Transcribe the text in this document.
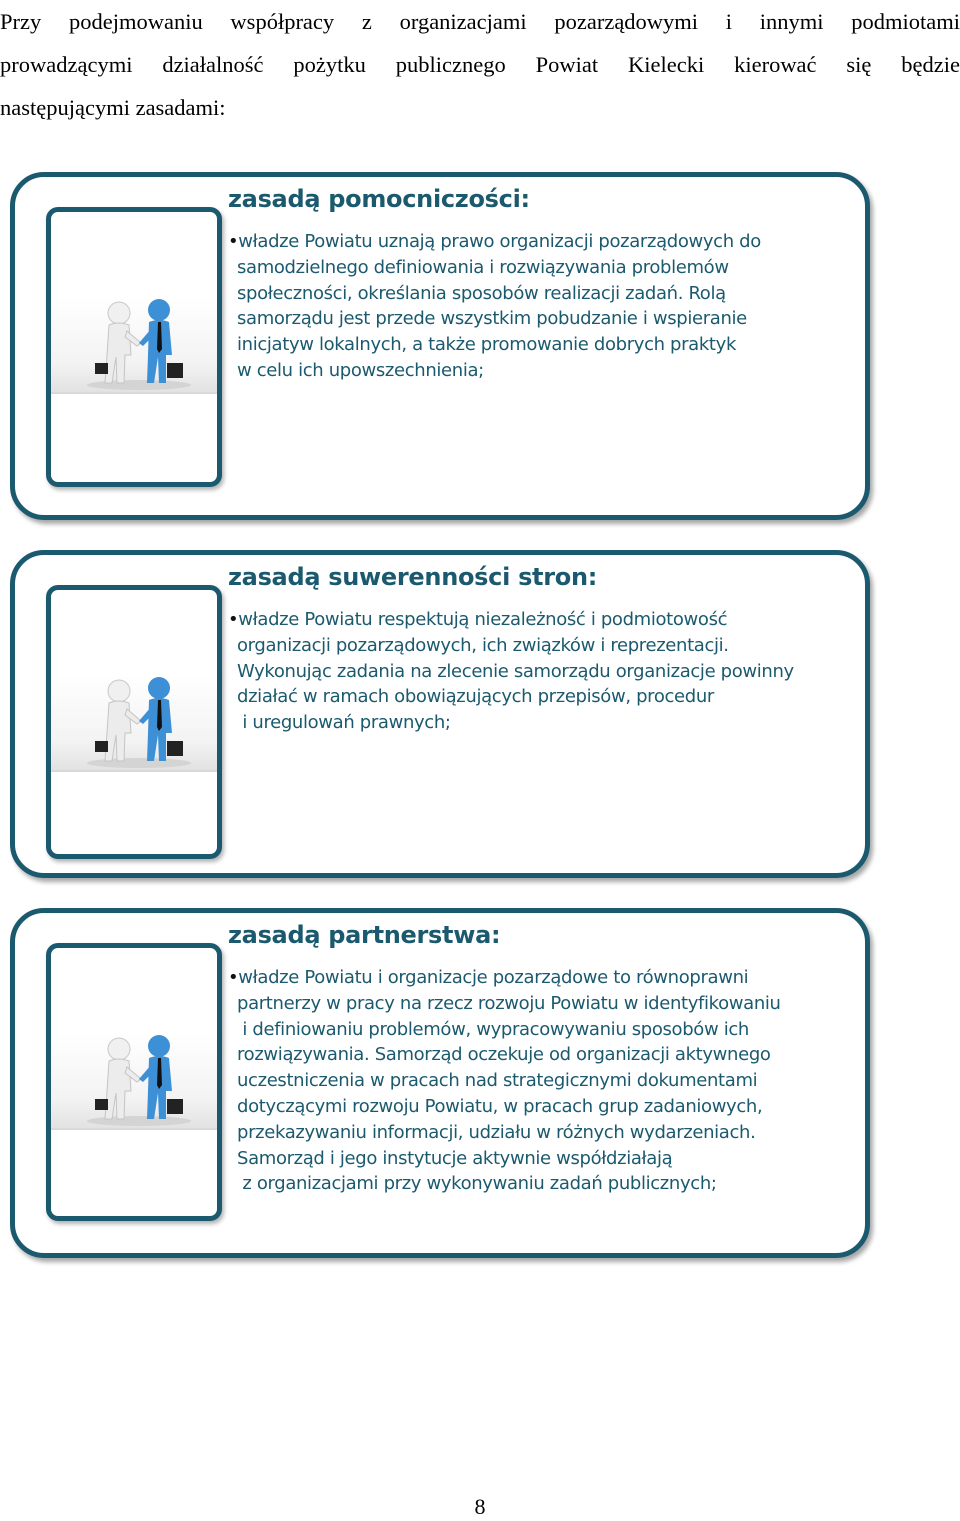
Przy podejmowaniu współpracy z organizacjami pozarządowymi i innymi podmiotami
prowadzącymi działalność pożytku publicznego Powiat Kielecki kierować się będzie
następującymi zasadami:

zasadą pomocniczości:

•władze Powiatu uznają prawo organizacji pozarządowych do
samodzielnego definiowania i rozwiązywania problemów
społeczności, określania sposobów realizacji zadań. Rolą
samorządu jest przede wszystkim pobudzanie i wspieranie
inicjatyw lokalnych, a także promowanie dobrych praktyk
w celu ich upowszechnienia;

zasadą suwerenności stron:

•władze Powiatu respektują niezależność i podmiotowość
organizacji pozarządowych, ich związków i reprezentacji.
Wykonując zadania na zlecenie samorządu organizacje powinny
działać w ramach obowiązujących przepisów, procedur
i uregulowań prawnych;

zasadą partnerstwa:

•władze Powiatu i organizacje pozarządowe to równoprawni
partnerzy w pracy na rzecz rozwoju Powiatu w identyfikowaniu
i definiowaniu problemów, wypracowywaniu sposobów ich
rozwiązywania. Samorząd oczekuje od organizacji aktywnego
uczestniczenia w pracach nad strategicznymi dokumentami
dotyczącymi rozwoju Powiatu, w pracach grup zadaniowych,
przekazywaniu informacji, udziału w różnych wydarzeniach.
Samorząd i jego instytucje aktywnie współdziałają
z organizacjami przy wykonywaniu zadań publicznych;

8
